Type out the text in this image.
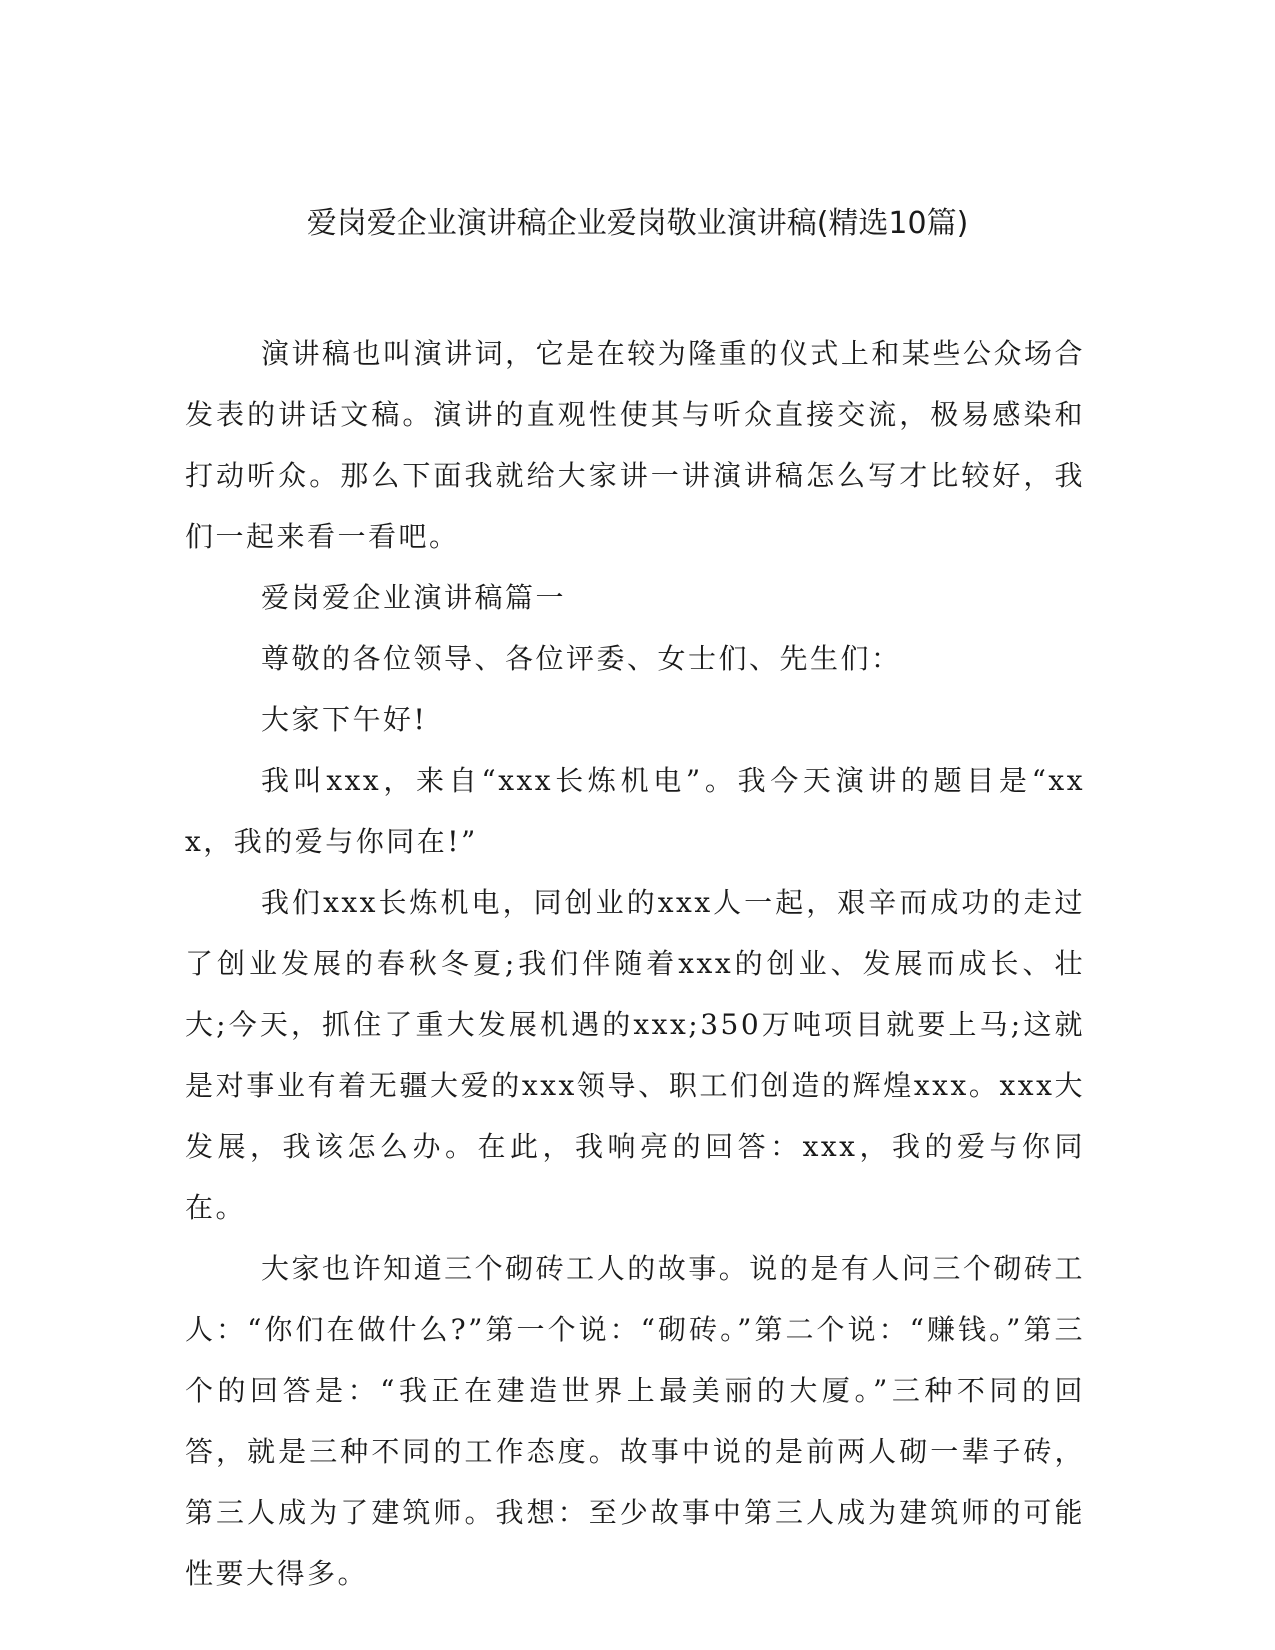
爱岗爱企业演讲稿企业爱岗敬业演讲稿(精选10篇)

演讲稿也叫演讲词，它是在较为隆重的仪式上和某些公众场合发表的讲话文稿。演讲的直观性使其与听众直接交流，极易感染和打动听众。那么下面我就给大家讲一讲演讲稿怎么写才比较好，我们一起来看一看吧。

爱岗爱企业演讲稿篇一

尊敬的各位领导、各位评委、女士们、先生们：

大家下午好!

我叫xxx，来自“xxx长炼机电”。我今天演讲的题目是“xxx，我的爱与你同在!”

我们xxx长炼机电，同创业的xxx人一起，艰辛而成功的走过了创业发展的春秋冬夏;我们伴随着xxx的创业、发展而成长、壮大;今天，抓住了重大发展机遇的xxx;350万吨项目就要上马;这就是对事业有着无疆大爱的xxx领导、职工们创造的辉煌xxx。xxx大发展，我该怎么办。在此，我响亮的回答：xxx，我的爱与你同在。

大家也许知道三个砌砖工人的故事。说的是有人问三个砌砖工人：“你们在做什么?”第一个说：“砌砖。”第二个说：“赚钱。”第三个的回答是：“我正在建造世界上最美丽的大厦。”三种不同的回答，就是三种不同的工作态度。故事中说的是前两人砌一辈子砖，第三人成为了建筑师。我想：至少故事中第三人成为建筑师的可能性要大得多。
